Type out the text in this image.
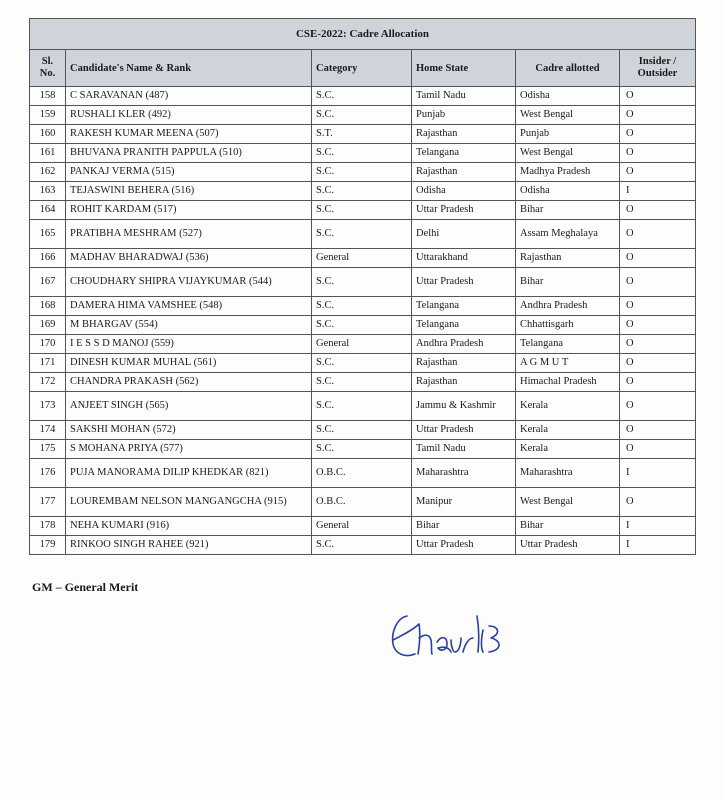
CSE-2022: Cadre Allocation					
Sl. No.	Candidate's Name & Rank	Category	Home State	Cadre allotted	Insider / Outsider
158	C SARAVANAN (487)	S.C.	Tamil Nadu	Odisha	O
159	RUSHALI KLER (492)	S.C.	Punjab	West Bengal	O
160	RAKESH KUMAR MEENA (507)	S.T.	Rajasthan	Punjab	O
161	BHUVANA PRANITH PAPPULA (510)	S.C.	Telangana	West Bengal	O
162	PANKAJ VERMA (515)	S.C.	Rajasthan	Madhya Pradesh	O
163	TEJASWINI BEHERA (516)	S.C.	Odisha	Odisha	I
164	ROHIT KARDAM (517)	S.C.	Uttar Pradesh	Bihar	O
165	PRATIBHA MESHRAM (527)	S.C.	Delhi	Assam Meghalaya	O
166	MADHAV BHARADWAJ (536)	General	Uttarakhand	Rajasthan	O
167	CHOUDHARY SHIPRA VIJAYKUMAR (544)	S.C.	Uttar Pradesh	Bihar	O
168	DAMERA HIMA VAMSHEE (548)	S.C.	Telangana	Andhra Pradesh	O
169	M BHARGAV (554)	S.C.	Telangana	Chhattisgarh	O
170	I E S S D MANOJ (559)	General	Andhra Pradesh	Telangana	O
171	DINESH KUMAR MUHAL (561)	S.C.	Rajasthan	A G M U T	O
172	CHANDRA PRAKASH (562)	S.C.	Rajasthan	Himachal Pradesh	O
173	ANJEET SINGH (565)	S.C.	Jammu & Kashmir	Kerala	O
174	SAKSHI MOHAN (572)	S.C.	Uttar Pradesh	Kerala	O
175	S MOHANA PRIYA (577)	S.C.	Tamil Nadu	Kerala	O
176	PUJA MANORAMA DILIP KHEDKAR (821)	O.B.C.	Maharashtra	Maharashtra	I
177	LOUREMBAM NELSON MANGANGCHA (915)	O.B.C.	Manipur	West Bengal	O
178	NEHA KUMARI (916)	General	Bihar	Bihar	I
179	RINKOO SINGH RAHEE (921)	S.C.	Uttar Pradesh	Uttar Pradesh	I
GM – General Merit
